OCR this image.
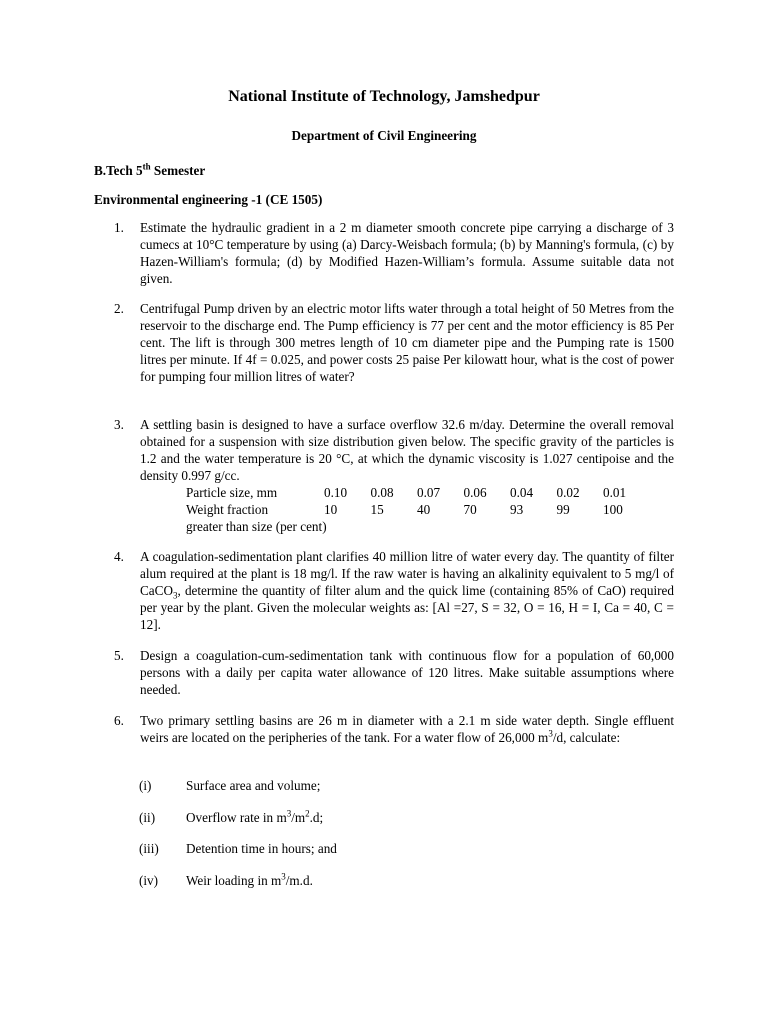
National Institute of Technology, Jamshedpur
Department of Civil Engineering
B.Tech 5th Semester
Environmental engineering -1 (CE 1505)
1. Estimate the hydraulic gradient in a 2 m diameter smooth concrete pipe carrying a discharge of 3 cumecs at 10°C temperature by using (a) Darcy-Weisbach formula; (b) by Manning's formula, (c) by Hazen-William's formula; (d) by Modified Hazen-William’s formula. Assume suitable data not given.
2. Centrifugal Pump driven by an electric motor lifts water through a total height of 50 Metres from the reservoir to the discharge end. The Pump efficiency is 77 per cent and the motor efficiency is 85 Per cent. The lift is through 300 metres length of 10 cm diameter pipe and the Pumping rate is 1500 litres per minute. If 4f = 0.025, and power costs 25 paise Per kilowatt hour, what is the cost of power for pumping four million litres of water?
3. A settling basin is designed to have a surface overflow 32.6 m/day. Determine the overall removal obtained for a suspension with size distribution given below. The specific gravity of the particles is 1.2 and the water temperature is 20 °C, at which the dynamic viscosity is 1.027 centipoise and the density 0.997 g/cc.
Particle size, mm	0.10	0.08	0.07	0.06	0.04	0.02	0.01
Weight fraction	10	15	40	70	93	99	100
greater than size (per cent)							
4. A coagulation-sedimentation plant clarifies 40 million litre of water every day. The quantity of filter alum required at the plant is 18 mg/l. If the raw water is having an alkalinity equivalent to 5 mg/l of CaCO$_3$, determine the quantity of filter alum and the quick lime (containing 85% of CaO) required per year by the plant. Given the molecular weights as: [Al =27, S = 32, O = 16, H = I, Ca = 40, C = 12].
5. Design a coagulation-cum-sedimentation tank with continuous flow for a population of 60,000 persons with a daily per capita water allowance of 120 litres. Make suitable assumptions where needed.
6. Two primary settling basins are 26 m in diameter with a 2.1 m side water depth. Single effluent weirs are located on the peripheries of the tank. For a water flow of 26,000 $m^3/d$, calculate:
(i)	Surface area and volume;
(ii) Overflow rate in $m^3/m^2.d$;
(iii) Detention time in hours; and
(iv) Weir loading in $m^3/m.d$.
